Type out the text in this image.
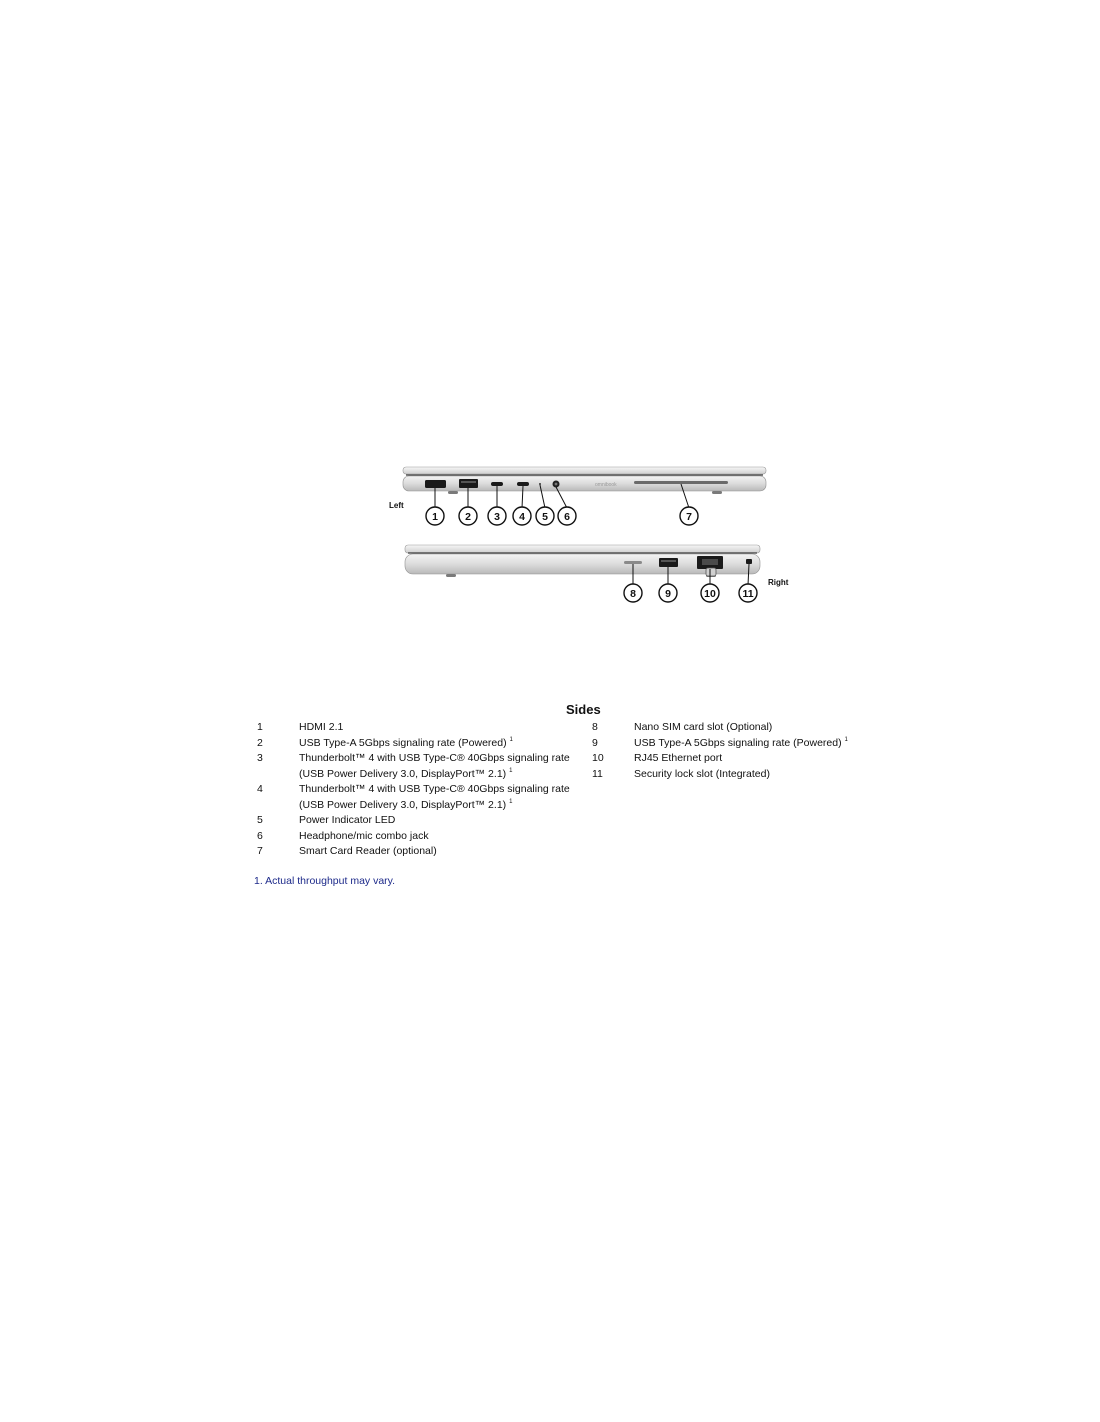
omnibook
Left
Right
1	2 3 4 5 6	7
8	9	10	11
Sides
1	HDMI 2.1
2	USB Type-A 5Gbps signaling rate (Powered) $^1$
3	Thunderbolt™ 4 with USB Type-C® 40Gbps signaling rate
(USB Power Delivery 3.0, DisplayPort™ 2.1) $^1$
4	Thunderbolt™ 4 with USB Type-C® 40Gbps signaling rate
(USB Power Delivery 3.0, DisplayPort™ 2.1) $^1$
5	Power Indicator LED
6	Headphone/mic combo jack
7	Smart Card Reader (optional)
8	Nano SIM card slot (Optional)
9	USB Type-A 5Gbps signaling rate (Powered) $^1$
10	RJ45 Ethernet port
11	Security lock slot (Integrated)

1. Actual throughput may vary.
